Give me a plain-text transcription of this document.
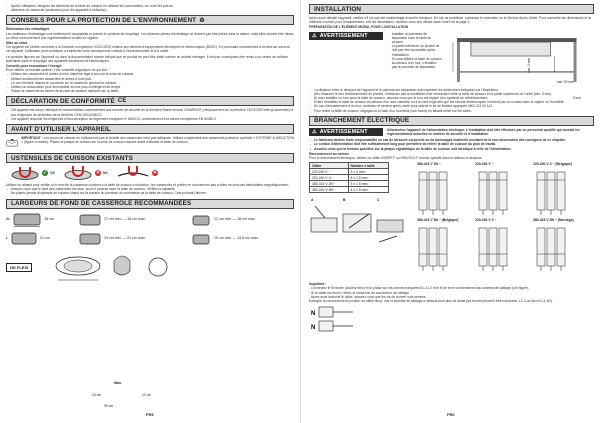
- Après l'utilisation, éteignez les éléments de la table de cuisson en utilisant les commandes, ne vous fiez pas au
détecteur de casserole (seulement pour les appareils à induction).
CONSEILS POUR LA PROTECTION DE L'ENVIRONNEMENT ♻
Élimination des emballages
Les matériaux d'emballage sont entièrement recyclables et portent le symbole de recyclage. Les diverses pièces d'emballage ne doivent pas être jetées dans la nature, mais elles doivent être mises au rebut conformément aux règlementations locales en vigueur.
Mise au rebut
Cet appareil est certifié conforme à la Directive européenne 2012/19/CE relative aux déchets d'équipements électriques et électroniques (DEEE). En procédant correctement à la mise au rebut de cet appareil, l'utilisateur peut contribuer à empêcher toute conséquence nuisible à l'environnement et à la santé.
Le symbole figurant sur l'appareil ou dans la documentation fournie indique que ce produit ne peut être traité comme un déchet ménager. Il doit par conséquent être remis à un centre de collecte spécialisé dans le recyclage des appareils électriques et électroniques.
Conseils pour économiser l'énergie
Pour obtenir un résultat optimal, il est conseillé d'appliquer ce qui suit :
- Utilisez des casseroles et autres dont le diamètre égal à celui de la zone de cuisson.
- Utilisez seulement des casseroles et autres à fond plat.
- Le cas échéant, laissez le couvercle sur la casserole pendant la cuisson.
- Utilisez un autocuiseur pour économiser encore plus d'énergie et de temps.
- Placez la casserole au centre de la zone de cuisson marquée sur la table.
DÉCLARATION DE CONFORMITÉ CE
- Cet appareil est conçu, fabriqué et commercialisé conformément aux normes de sécurité de la directive Basse tension 2006/95/CE (remplacement de la directive 73/23/CEE telle qu'amendée) et aux exigences de protection de la directive CEM 2004/108/CE.
- Cet appareil respecte les exigences d'écoconception du règlement européen n° 66/2014, conformément à la norme européenne EN 60350-2.
AVANT D'UTILISER L'APPAREIL
IMPORTANT : Les zones de cuisson ne s'allumeront pas si la taille des casseroles n'est pas adéquate. Utilisez uniquement des casseroles portant le symbole « SYSTÈME À INDUCTION » (figure ci-contre). Placez la plaque de cuisson sur la zone de cuisson requise avant d'allumer la table de cuisson.
USTENSILES DE CUISSON EXISTANTS
✓ OK	✕ NO	✕
Utilisez un aimant pour vérifier si le fond de la casserole convient à la table de cuisson à induction : les casseroles et poêles ne conviennent pas si elles ne sont pas détectables magnétiquement.
- Assurez-vous que le fond des casseroles est lisse, sinon il pourrait rayer la table de cuisson. Vérifiez la vaisselle.
- Ne placez jamais d'ustensile de cuisson chaud sur la surface du panneau de commande de la table de cuisson. Cela pourrait l'abîmer.
LARGEURS DE FOND DE CASSEROLE RECOMMANDÉES
XL	28 cm	17 cm min. — 18 cm max.	12 cm min. — 18 cm max.
L	21 cm	15 cm min. — 21 cm max.	10 cm min. — 14.5 cm max.
HD FLEXI
Max.
23 cm
39 cm
12 cm
FR5
INSTALLATION
Après avoir déballé l'appareil, vérifiez s'il n'a pas été endommagé durant le transport. En cas de problème, contactez le revendeur ou le Service Après-Vente. Pour connaître les dimensions et la méthode à suivre pour l'encastrement, voir les illustrations, reportez-vous aux détails dans l'ordre de la page 2.
PRÉPARATION DE L'ÉLÉMENT MURAL POUR L'INSTALLATION
⚠ AVERTISSEMENT	- Installez un panneau de séparation sous la table de cuisson.
- La partie inférieure du produit ne doit pas être accessible après l'installation.
- Si vous utilisez la table de cuisson au-dessus d'un four, n'installez pas le panneau de séparation.	min. 5 mm
min. 20 mm
5 mm
- La distance entre le dessous de l'appareil et le panneau de séparation doit respecter les dimensions indiquées sur l'illustration.
- Afin d'assurer le bon fonctionnement du produit, n'obstruez pas la ventilation d'air nécessaire entre la table de cuisson et la partie supérieure de l'unité (min. 5 mm).
- Si vous installez un four sous la table de cuisson, assurez-vous que le four est équipé d'un système de refroidissement.
- Évitez d'installer la table de cuisson au-dessus d'un lave-vaisselle ou d'un lave-linge afin que les circuits électroniques n'entrent pas en contact avec la vapeur ou l'humidité.
- En cas d'encastrement d'un four, contactez le service après-vente pour obtenir le kit de fixation approprié 4801 211 00 112.
- Pour retirer la table de cuisson, dégagez-la à l'aide d'un tournevis (non fourni) en faisant levier sur les côtés.
BRANCHEMENT ÉLECTRIQUE
⚠ AVERTISSEMENT	Débranchez l'appareil de l'alimentation électrique. L'installation doit être effectuée par un personnel qualifié qui connaît les règlementations actuelles en matière de sécurité et d'installation.
- Le fabricant décline toute responsabilité en cas de blessure corporelle ou de dommages matériels résultant de la non-observation des consignes de ce chapitre.
- Le cordon d'alimentation doit être suffisamment long pour permettre de retirer la table de cuisson du plan de travail.
- Assurez-vous que la tension spécifiée sur la plaque signalétique de la table de cuisson soit identique à celle de l'alimentation.
Raccordement au bornier
Pour le branchement électrique, utilisez un câble H05RR-F ou H05V2V2-F comme spécifié dans le tableau ci-dessous.
Câble	Nombre x taille
220-240 V ~	3 x 4 mm²
220-240 V 3~	4 x 1.5 mm²
380-415 V 2N~	5 x 1.5 mm²
380-415 V 3N~	4 x 1.5 mm²
A	B	C
380-415 V 2N ~	220-240 V ~	220-240 V 3 ~ (Belgique)
380-415 V 3N ~ (Belgique)	220-240 V 2 ~	380-415 V 3N ~ (Norvège)
Important :
- Connectez le fil neutre (couleur bleu) et la phase sur les bornes marquées N-L1-L2 et le fil de terre conformément au schéma de câblage (voir figure).
- Si le câble est fourni, retirez le couvercle du connecteur de câblage.
- Après avoir branché le câble, assurez-vous que les vis du bornier sont serrées.
Exemple du raccordement (couleur du câble bleu). Voir la schéma de câblage ci-dessus pour plus de détail (les bornes peuvent être marquées 1-2-3 ou bien N-L1-N2).
N
N
FR6
